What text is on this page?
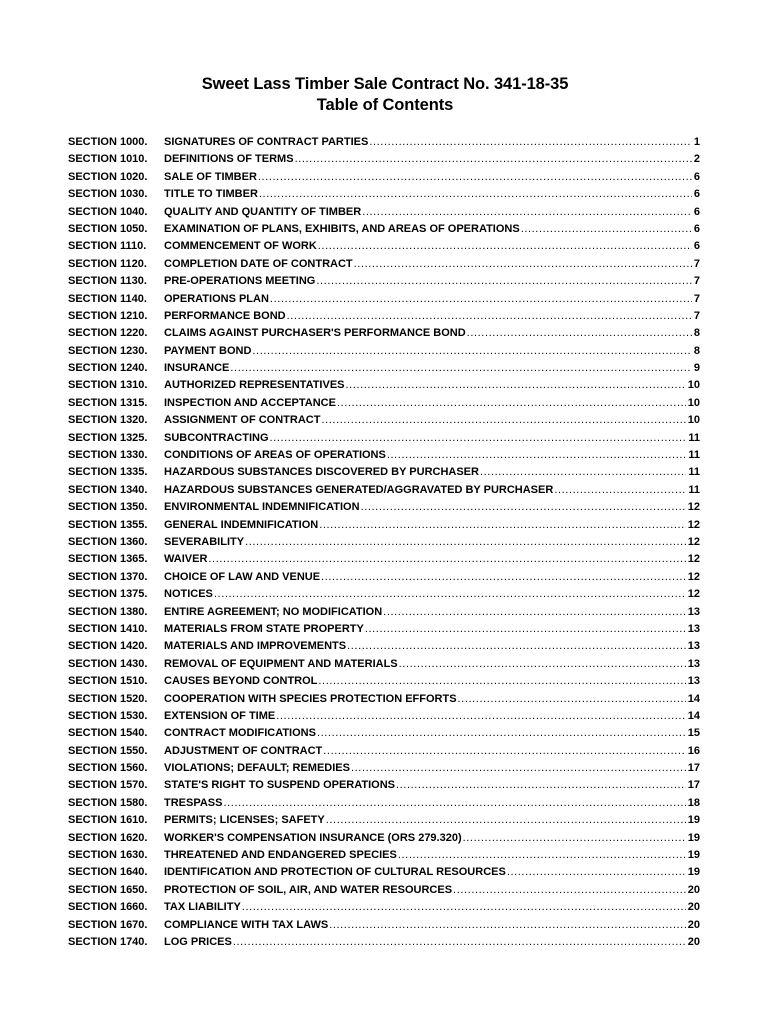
Sweet Lass Timber Sale Contract No. 341-18-35
Table of Contents
SECTION 1000.	SIGNATURES OF CONTRACT PARTIES .....	1
SECTION 1010.	DEFINITIONS OF TERMS .....	2
SECTION 1020.	SALE OF TIMBER .....	6
SECTION 1030.	TITLE TO TIMBER .....	6
SECTION 1040.	QUALITY AND QUANTITY OF TIMBER .....	6
SECTION 1050.	EXAMINATION OF PLANS, EXHIBITS, AND AREAS OF OPERATIONS .....	6
SECTION 1110.	COMMENCEMENT OF WORK .....	6
SECTION 1120.	COMPLETION DATE OF CONTRACT .....	7
SECTION 1130.	PRE-OPERATIONS MEETING .....	7
SECTION 1140.	OPERATIONS PLAN .....	7
SECTION 1210.	PERFORMANCE BOND .....	7
SECTION 1220.	CLAIMS AGAINST PURCHASER'S PERFORMANCE BOND .....	8
SECTION 1230.	PAYMENT BOND .....	8
SECTION 1240.	INSURANCE .....	9
SECTION 1310.	AUTHORIZED REPRESENTATIVES .....	10
SECTION 1315.	INSPECTION AND ACCEPTANCE .....	10
SECTION 1320.	ASSIGNMENT OF CONTRACT .....	10
SECTION 1325.	SUBCONTRACTING .....	11
SECTION 1330.	CONDITIONS OF AREAS OF OPERATIONS .....	11
SECTION 1335.	HAZARDOUS SUBSTANCES DISCOVERED BY PURCHASER .....	11
SECTION 1340.	HAZARDOUS SUBSTANCES GENERATED/AGGRAVATED BY PURCHASER .....	11
SECTION 1350.	ENVIRONMENTAL INDEMNIFICATION .....	12
SECTION 1355.	GENERAL INDEMNIFICATION .....	12
SECTION 1360.	SEVERABILITY .....	12
SECTION 1365.	WAIVER .....	12
SECTION 1370.	CHOICE OF LAW AND VENUE .....	12
SECTION 1375.	NOTICES .....	12
SECTION 1380.	ENTIRE AGREEMENT; NO MODIFICATION .....	13
SECTION 1410.	MATERIALS FROM STATE PROPERTY .....	13
SECTION 1420.	MATERIALS AND IMPROVEMENTS .....	13
SECTION 1430.	REMOVAL OF EQUIPMENT AND MATERIALS .....	13
SECTION 1510.	CAUSES BEYOND CONTROL .....	13
SECTION 1520.	COOPERATION WITH SPECIES PROTECTION EFFORTS .....	14
SECTION 1530.	EXTENSION OF TIME .....	14
SECTION 1540.	CONTRACT MODIFICATIONS .....	15
SECTION 1550.	ADJUSTMENT OF CONTRACT .....	16
SECTION 1560.	VIOLATIONS; DEFAULT; REMEDIES .....	17
SECTION 1570.	STATE'S RIGHT TO SUSPEND OPERATIONS .....	17
SECTION 1580.	TRESPASS .....	18
SECTION 1610.	PERMITS; LICENSES; SAFETY .....	19
SECTION 1620.	WORKER'S COMPENSATION INSURANCE (ORS 279.320) .....	19
SECTION 1630.	THREATENED AND ENDANGERED SPECIES .....	19
SECTION 1640.	IDENTIFICATION AND PROTECTION OF CULTURAL RESOURCES .....	19
SECTION 1650.	PROTECTION OF SOIL, AIR, AND WATER RESOURCES .....	20
SECTION 1660.	TAX LIABILITY .....	20
SECTION 1670.	COMPLIANCE WITH TAX LAWS .....	20
SECTION 1740.	LOG PRICES .....	20
